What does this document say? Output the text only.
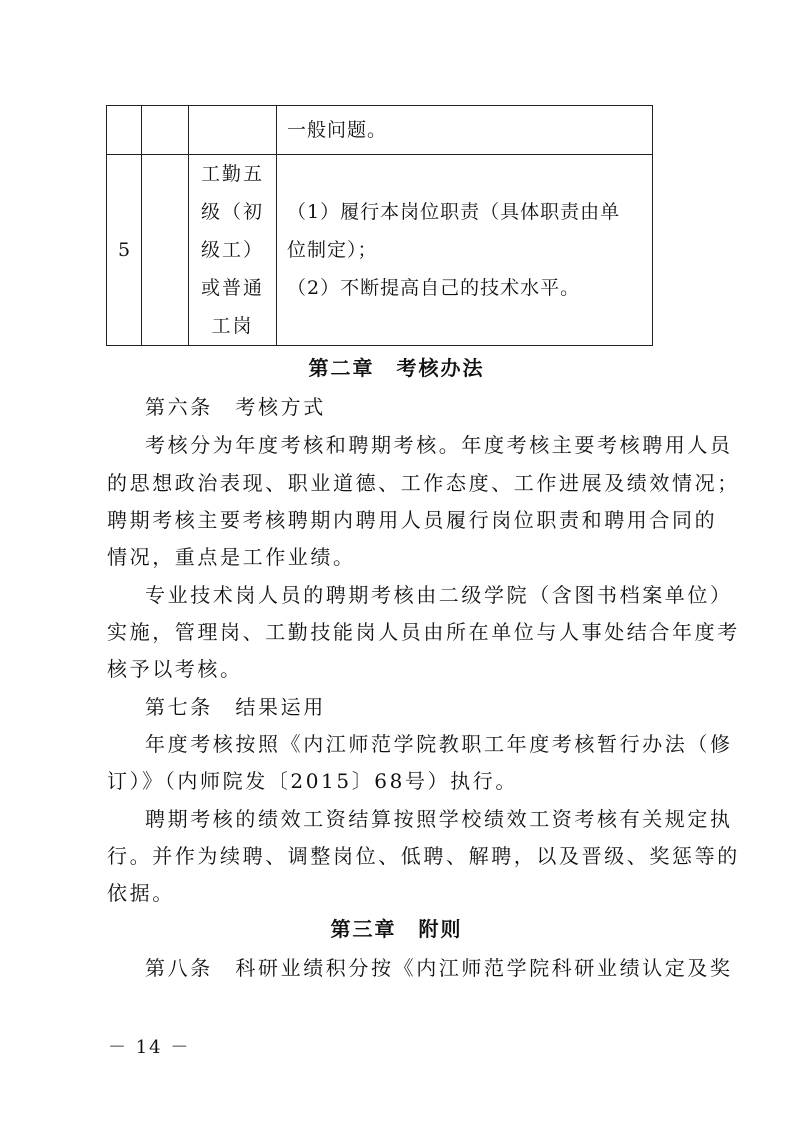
			一般问题。

5		工勤五
级（初
级工）
或普通
工岗	（1）履行本岗位职责（具体职责由单
位制定）；
（2）不断提高自己的技术水平。
第二章　考核办法
第六条　考核方式
考核分为年度考核和聘期考核。年度考核主要考核聘用人员
的思想政治表现、职业道德、工作态度、工作进展及绩效情况；
聘期考核主要考核聘期内聘用人员履行岗位职责和聘用合同的
情况，重点是工作业绩。
专业技术岗人员的聘期考核由二级学院（含图书档案单位）
实施，管理岗、工勤技能岗人员由所在单位与人事处结合年度考
核予以考核。
第七条　结果运用
年度考核按照《内江师范学院教职工年度考核暂行办法（修
订）》（内师院发〔2015〕68号）执行。
聘期考核的绩效工资结算按照学校绩效工资考核有关规定执
行。并作为续聘、调整岗位、低聘、解聘，以及晋级、奖惩等的
依据。
第三章　附则
第八条　科研业绩积分按《内江师范学院科研业绩认定及奖
－ 14 －
